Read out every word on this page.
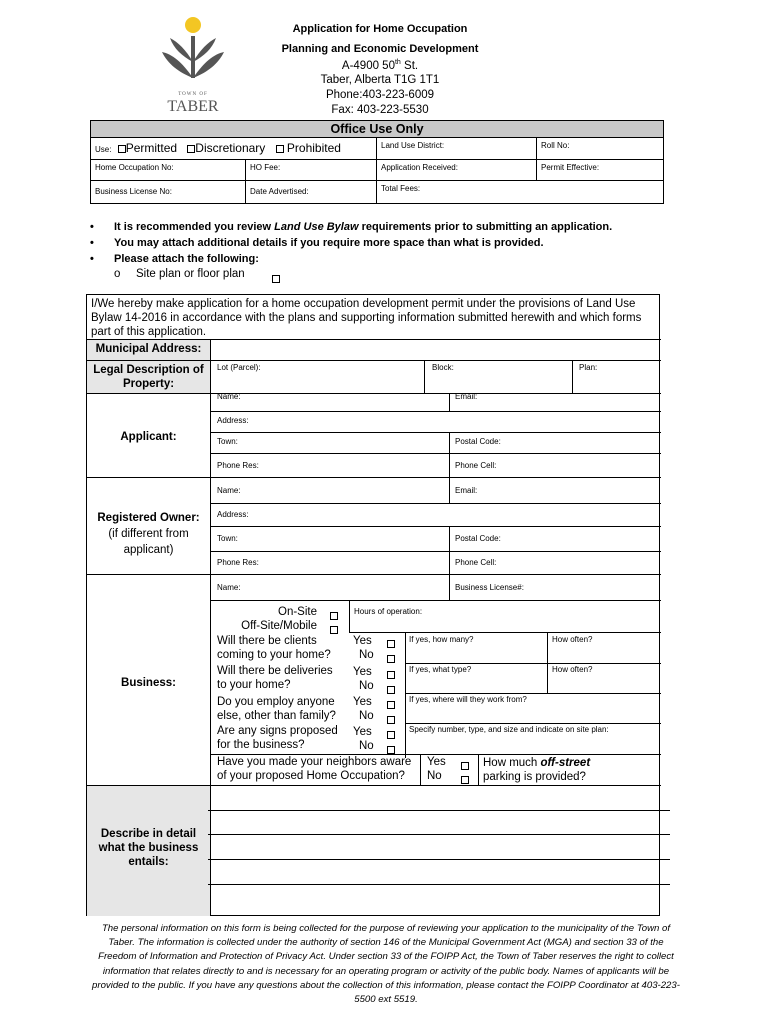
TOWN OF
TABER
Application for Home Occupation
Planning and Economic Development
A-4900 50th St.
Taber, Alberta T1G 1T1
Phone:403-223-6009
Fax: 403-223-5530
Office Use Only
Use: Permitted Discretionary Prohibited	Land Use District:	Roll No:
Home Occupation No:	HO Fee:	Application Received:	Permit Effective:
Business License No:	Date Advertised:	Total Fees:
• It is recommended you review Land Use Bylaw requirements prior to submitting an application.
• You may attach additional details if you require more space than what is provided.
• Please attach the following:
o Site plan or floor plan
I/We hereby make application for a home occupation development permit under the provisions of Land Use Bylaw 14-2016 in accordance with the plans and supporting information submitted herewith and which forms part of this application.
Municipal Address:
Legal Description of Property:
Lot (Parcel):	Block:	Plan:
Applicant:
Name:	Email:
Address:
Town:	Postal Code:
Phone Res:	Phone Cell:
Registered Owner:
(if different from applicant)
Name:	Email:
Address:
Town:	Postal Code:
Phone Res:	Phone Cell:
Business:
Name:	Business License#:
On-Site
Off-Site/Mobile
Hours of operation:
Will there be clients coming to your home?
Yes
No
If yes, how many?	How often?
Will there be deliveries to your home?
Yes
No
If yes, what type?	How often?
Do you employ anyone else, other than family?
Yes
No
If yes, where will they work from?
Are any signs proposed for the business?
Yes
No
Specify number, type, and size and indicate on site plan:
Have you made your neighbors aware of your proposed Home Occupation?
Yes
No
How much off-street
parking is provided?
Describe in detail what the business entails:
The personal information on this form is being collected for the purpose of reviewing your application to the municipality of the Town of Taber. The information is collected under the authority of section 146 of the Municipal Government Act (MGA) and section 33 of the Freedom of Information and Protection of Privacy Act. Under section 33 of the FOIPP Act, the Town of Taber reserves the right to collect information that relates directly to and is necessary for an operating program or activity of the public body. Names of applicants will be provided to the public. If you have any questions about the collection of this information, please contact the FOIPP Coordinator at 403-223-5500 ext 5519.
